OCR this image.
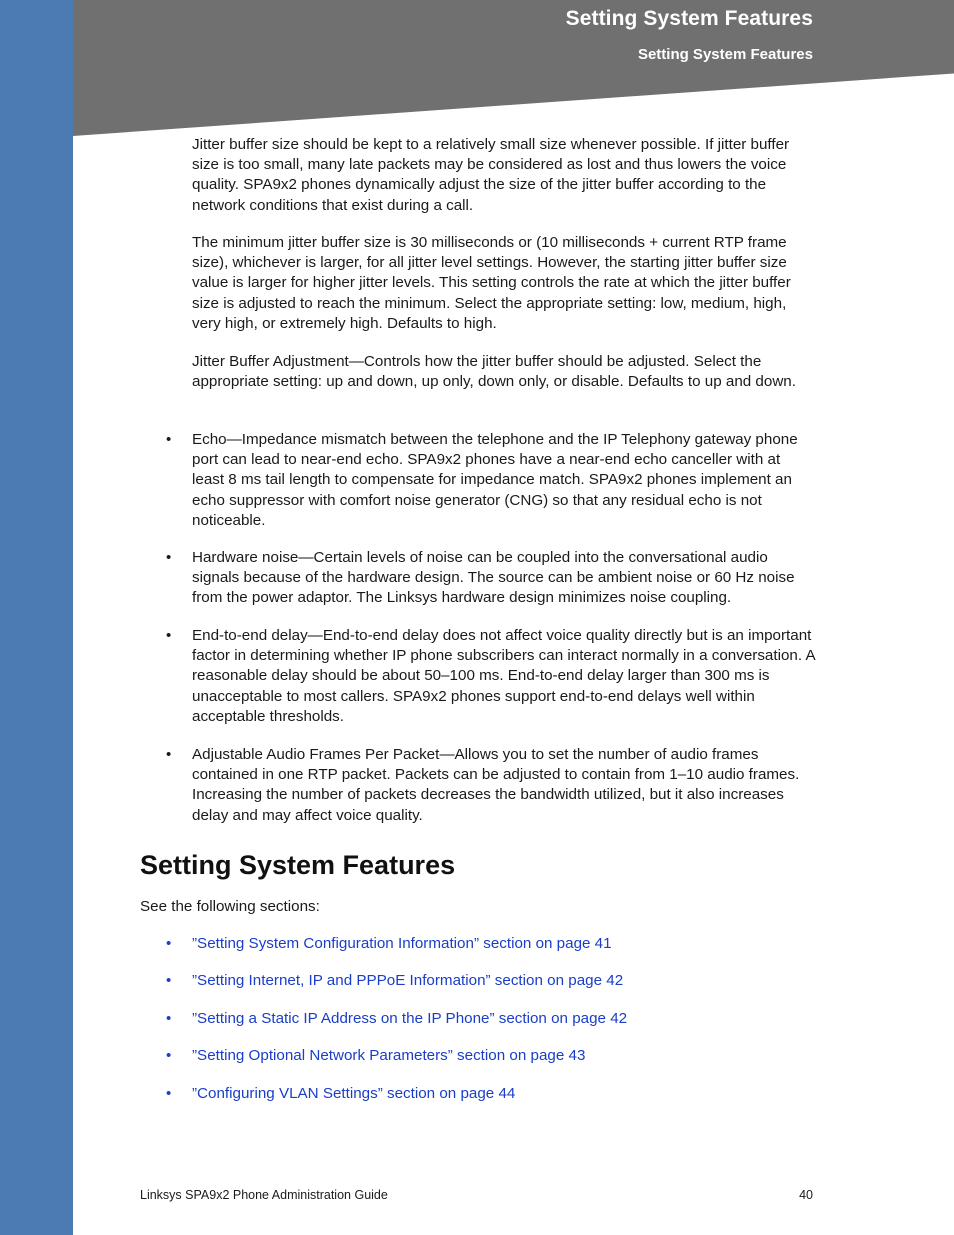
Setting System Features
Setting System Features

Jitter buffer size should be kept to a relatively small size whenever possible. If jitter buffer size is too small, many late packets may be considered as lost and thus lowers the voice quality. SPA9x2 phones dynamically adjust the size of the jitter buffer according to the network conditions that exist during a call.

The minimum jitter buffer size is 30 milliseconds or (10 milliseconds + current RTP frame size), whichever is larger, for all jitter level settings. However, the starting jitter buffer size value is larger for higher jitter levels. This setting controls the rate at which the jitter buffer size is adjusted to reach the minimum. Select the appropriate setting: low, medium, high, very high, or extremely high. Defaults to high.

Jitter Buffer Adjustment—Controls how the jitter buffer should be adjusted. Select the appropriate setting: up and down, up only, down only, or disable. Defaults to up and down.

• Echo—Impedance mismatch between the telephone and the IP Telephony gateway phone port can lead to near-end echo. SPA9x2 phones have a near-end echo canceller with at least 8 ms tail length to compensate for impedance match. SPA9x2 phones implement an echo suppressor with comfort noise generator (CNG) so that any residual echo is not noticeable.

• Hardware noise—Certain levels of noise can be coupled into the conversational audio signals because of the hardware design. The source can be ambient noise or 60 Hz noise from the power adaptor. The Linksys hardware design minimizes noise coupling.

• End-to-end delay—End-to-end delay does not affect voice quality directly but is an important factor in determining whether IP phone subscribers can interact normally in a conversation. A reasonable delay should be about 50–100 ms. End-to-end delay larger than 300 ms is unacceptable to most callers. SPA9x2 phones support end-to-end delays well within acceptable thresholds.

• Adjustable Audio Frames Per Packet—Allows you to set the number of audio frames contained in one RTP packet. Packets can be adjusted to contain from 1–10 audio frames. Increasing the number of packets decreases the bandwidth utilized, but it also increases delay and may affect voice quality.

Setting System Features

See the following sections:

• ”Setting System Configuration Information” section on page 41
• ”Setting Internet, IP and PPPoE Information” section on page 42
• ”Setting a Static IP Address on the IP Phone” section on page 42
• ”Setting Optional Network Parameters” section on page 43
• ”Configuring VLAN Settings” section on page 44
Linksys SPA9x2 Phone Administration Guide	40
